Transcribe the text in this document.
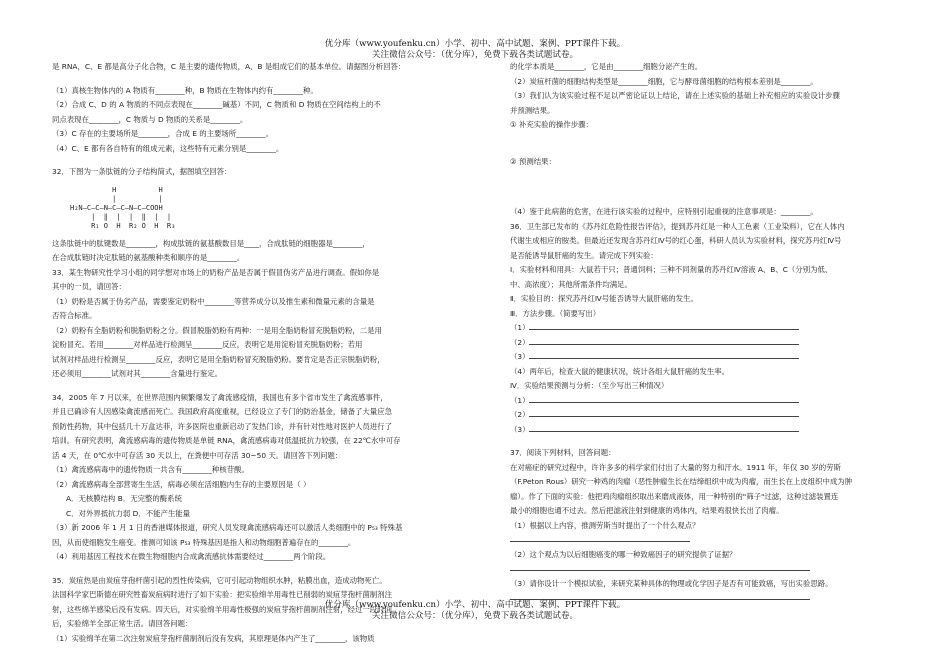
优分库（www.youfenku.cn）小学、初中、高中试题、案例、PPT课件下载。
关注微信公众号：（优分库），免费下载各类试题试卷。

是 RNA，C、E 都是高分子化合物，C 是主要的遗传物质，A、B 是组成它们的基本单位。请据图分析回答：

（1）真核生物体内的 A 物质有________种，B 物质在生物体内约有________种。

（2）合成 C、D 的 A 物质的不同点表现在________碱基）不同，C 物质和 D 物质在空间结构上的不

同点表现在________，C 物质与 D 物质的关系是________。

（3）C 存在的主要场所是________，合成 E 的主要场所________。

（4）C、E 都有各自特有的组成元素，这些特有元素分别是________。

32．下图为一条肽链的分子结构简式，据图填空回答：

H          H
|          |
H₂N—C—C—N—C—C—N—C—COOH
|  ‖  |  |  ‖  |  |
R₁ O  H  R₂ O  H  R₃

这条肽链中的肽键数是________，构成肽链的氨基酸数目是____，合成肽链的细胞器是________，

在合成肽链时决定肽链的氨基酸种类和顺序的是________。

33．某生物研究性学习小组的同学想对市场上的奶粉产品是否属于假冒伪劣产品进行调查。假如你是

其中的一员，请回答：

（1）奶粉是否属于伪劣产品，需要鉴定奶粉中________等营养成分以及推生素和微量元素的含量是

否符合标准。

（2）奶粉有全脂奶粉和脱脂奶粉之分。假冒脱脂奶粉有两种：一是用全脂奶粉冒充脱脂奶粉，二是用

淀粉冒充。若用________对样品进行检测呈________反应，表明它是用淀粉冒充脱脂奶粉；若用

试剂对样品进行检测呈________反应，表明它是用全脂奶粉冒充脱脂奶粉。要肯定是否正宗脱脂奶粉，

还必须用________试剂对其________含量进行鉴定。

34．2005 年 7 月以来，在世界范围内频繁爆发了禽流感疫情，我国也有多个省市发生了禽流感事件，

并且已确诊有人因感染禽流感而死亡。我国政府高度重视，已经设立了专门的防治基金，储备了大量应急

预防性药物，其中包括几十万盒达菲，许多医院也重新启动了发热门诊，并有针对性地对医护人员进行了

培训。有研究表明，禽流感病毒的遗传物质是单链 RNA，禽流感病毒对低温抵抗力较强，在 22℃水中可存

活 4 天，在 0℃水中可存活 30 天以上，在粪便中可存活 30~50 天。请回答下列问题：

（1）禽流感病毒中的遗传物质一共含有________种核苷酸。

（2）禽流感病毒全部营寄生生活，病毒必须在活细胞内生存的主要原因是（ ）

A．无核膜结构 B．无完整的酶系统

C．对外界抵抗力弱 D．不能产生能量

（3）新 2006 年 1 月 1 日的香港媒体报道，研究人员发现禽流感病毒还可以激活人类细胞中的 P₅₃ 特殊基

因，从而使细胞发生癌变。推测可知该 P₅₃ 特殊基因是指人和动物细胞普遍存在的________。

（4）利用基因工程技术在微生物细胞内合成禽流感抗体需要经过________两个阶段。

35．炭疽热是由炭疽芽孢杆菌引起的烈性传染病，它可引起动物组织水肿，粘膜出血，造成动物死亡。

法国科学家巴斯德在研究牲畜炭疽病时进行了如下实验：把实验绵羊用毒性已削弱的炭疽芽孢杆菌制剂注

射，这些绵羊感染后没有发病。四天后，对实验绵羊用毒性极强的炭疽芽孢杆菌制剂注射，经过一段时间

后，实验绵羊全部正常生活。请回答问题：

（1）实验绵羊在第二次注射炭疽芽孢杆菌制剂后没有发病，其原理是体内产生了________，该物质

的化学本质是________，它是由________细胞分泌产生的。

（2）炭疽杆菌的细胞结构类型是________细胞，它与酵母菌细胞的结构根本差别是________。

（3）我们认为该实验过程不足以严密论证以上结论，请在上述实验的基础上补充相应的实验设计步骤

并预测结果。

① 补充实验的操作步骤：

② 预测结果：

（4）鉴于此病菌的危害，在进行该实验的过程中，应特别引起重视的注意事项是：________。

36．卫生部已发布的《苏丹红危险性报告评估》，提到苏丹红是一种人工色素（工业染料），它在人体内

代谢生成相应的胺类。但最近还发现含苏丹红Ⅳ号的红心蛋，科研人员认为实验材料，探究苏丹红Ⅳ号

是否能诱导鼠肝癌的发生。请完成下列实验：

Ⅰ．实验材料和用具：大鼠若干只；普通饲料；三种不同剂量的苏丹红Ⅳ溶液 A、B、C（分别为低、

中、高浓度）；其他所需条件均满足。

Ⅱ．实验目的：探究苏丹红Ⅳ号能否诱导大鼠肝癌的发生。

Ⅲ．方法步骤。（简要写出）

（1）

（2）

（3）

（4）两年后，检查大鼠的健康状况，统计各组大鼠肝癌的发生率。

Ⅳ．实验结果预测与分析：（至少写出三种情况）

（1）

（2）

（3）

37．阅读下列材料，回答问题：

在对癌症的研究过程中，许许多多的科学家们付出了大量的努力和汗水。1911 年，年仅 30 岁的劳斯

（F.Peton Rous）研究一种鸡的肉瘤（恶性肿瘤生长在结缔组织中成为肉瘤，而生长在上皮组织中成为肿

瘤）。作了下面的实验：他把鸡肉瘤组织取出来磨成液体，用一种特别的"筛子"过滤，这种过滤装置连

最小的细胞也通不过去。然后把滤液注射到健康的鸡体内，结果鸡很快长出了肉瘤。

（1）根据以上内容，推测劳斯当时提出了一个什么观点？

（2）这个观点为以后细胞癌变的哪一种致癌因子的研究提供了证据？

（3）请你设计一个模拟试验，来研究某种具体的物理或化学因子是否有可能致癌，写出实验思路。

优分库（www.youfenku.cn）小学、初中、高中试题、案例、PPT课件下载。
关注微信公众号：（优分库），免费下载各类试题试卷。
